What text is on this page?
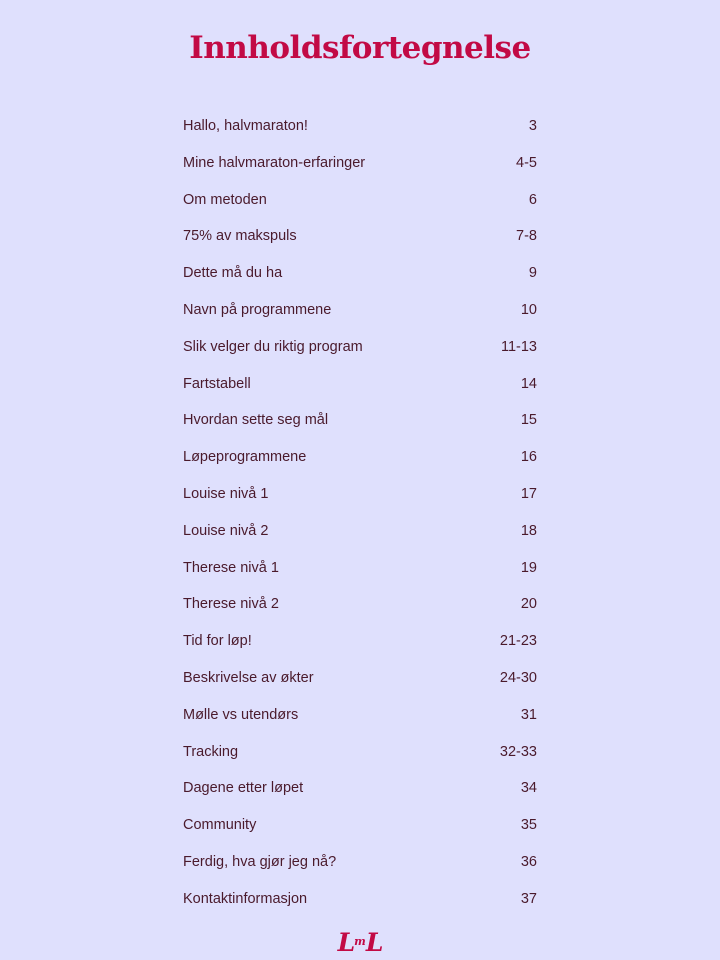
Innholdsfortegnelse
Hallo, halvmaraton!	3
Mine halvmaraton-erfaringer	4-5
Om metoden	6
75% av makspuls	7-8
Dette må du ha	9
Navn på programmene	10
Slik velger du riktig program	11-13
Fartstabell	14
Hvordan sette seg mål	15
Løpeprogrammene	16
Louise nivå 1	17
Louise nivå 2	18
Therese nivå 1	19
Therese nivå 2	20
Tid for løp!	21-23
Beskrivelse av økter	24-30
Mølle vs utendørs	31
Tracking	32-33
Dagene etter løpet	34
Community	35
Ferdig, hva gjør jeg nå?	36
Kontaktinformasjon	37
$L^mL$
